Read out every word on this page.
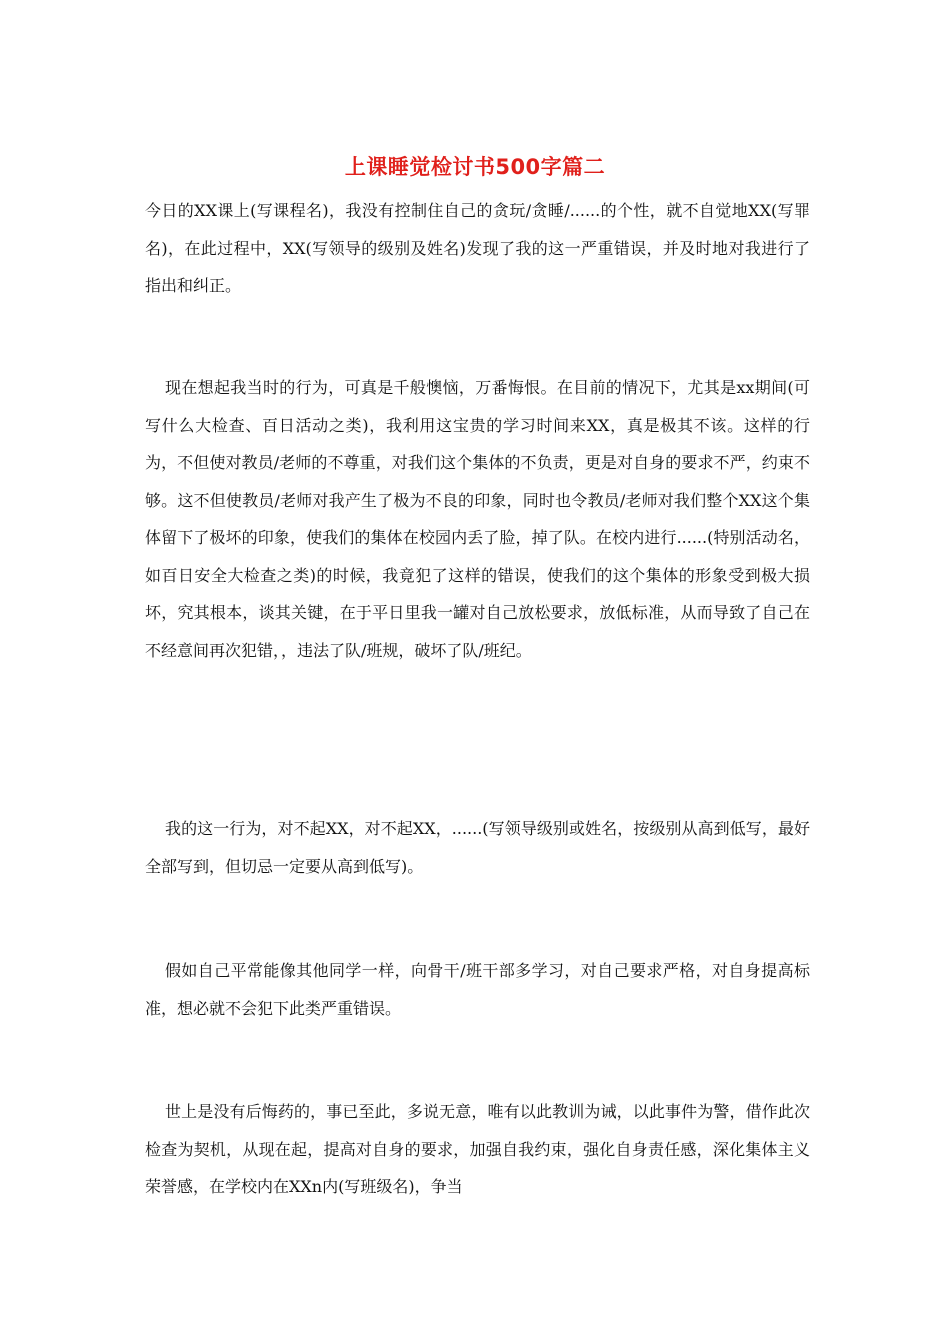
上课睡觉检讨书500字篇二

今日的XX课上(写课程名)，我没有控制住自己的贪玩/贪睡/......的个性，就不自觉地XX(写罪名)，在此过程中，XX(写领导的级别及姓名)发现了我的这一严重错误，并及时地对我进行了指出和纠正。

现在想起我当时的行为，可真是千般懊恼，万番悔恨。在目前的情况下，尤其是xx期间(可写什么大检查、百日活动之类)，我利用这宝贵的学习时间来XX，真是极其不该。这样的行为，不但使对教员/老师的不尊重，对我们这个集体的不负责，更是对自身的要求不严，约束不够。这不但使教员/老师对我产生了极为不良的印象，同时也令教员/老师对我们整个XX这个集体留下了极坏的印象，使我们的集体在校园内丢了脸，掉了队。在校内进行......(特别活动名，如百日安全大检查之类)的时候，我竟犯了这样的错误，使我们的这个集体的形象受到极大损坏，究其根本，谈其关键，在于平日里我一罐对自己放松要求，放低标准，从而导致了自己在不经意间再次犯错，，违法了队/班规，破坏了队/班纪。

我的这一行为，对不起XX，对不起XX，......(写领导级别或姓名，按级别从高到低写，最好全部写到，但切忌一定要从高到低写)。

假如自己平常能像其他同学一样，向骨干/班干部多学习，对自己要求严格，对自身提高标准，想必就不会犯下此类严重错误。

世上是没有后悔药的，事已至此，多说无意，唯有以此教训为诫，以此事件为警，借作此次检查为契机，从现在起，提高对自身的要求，加强自我约束，强化自身责任感，深化集体主义荣誉感，在学校内在XXn内(写班级名)，争当
